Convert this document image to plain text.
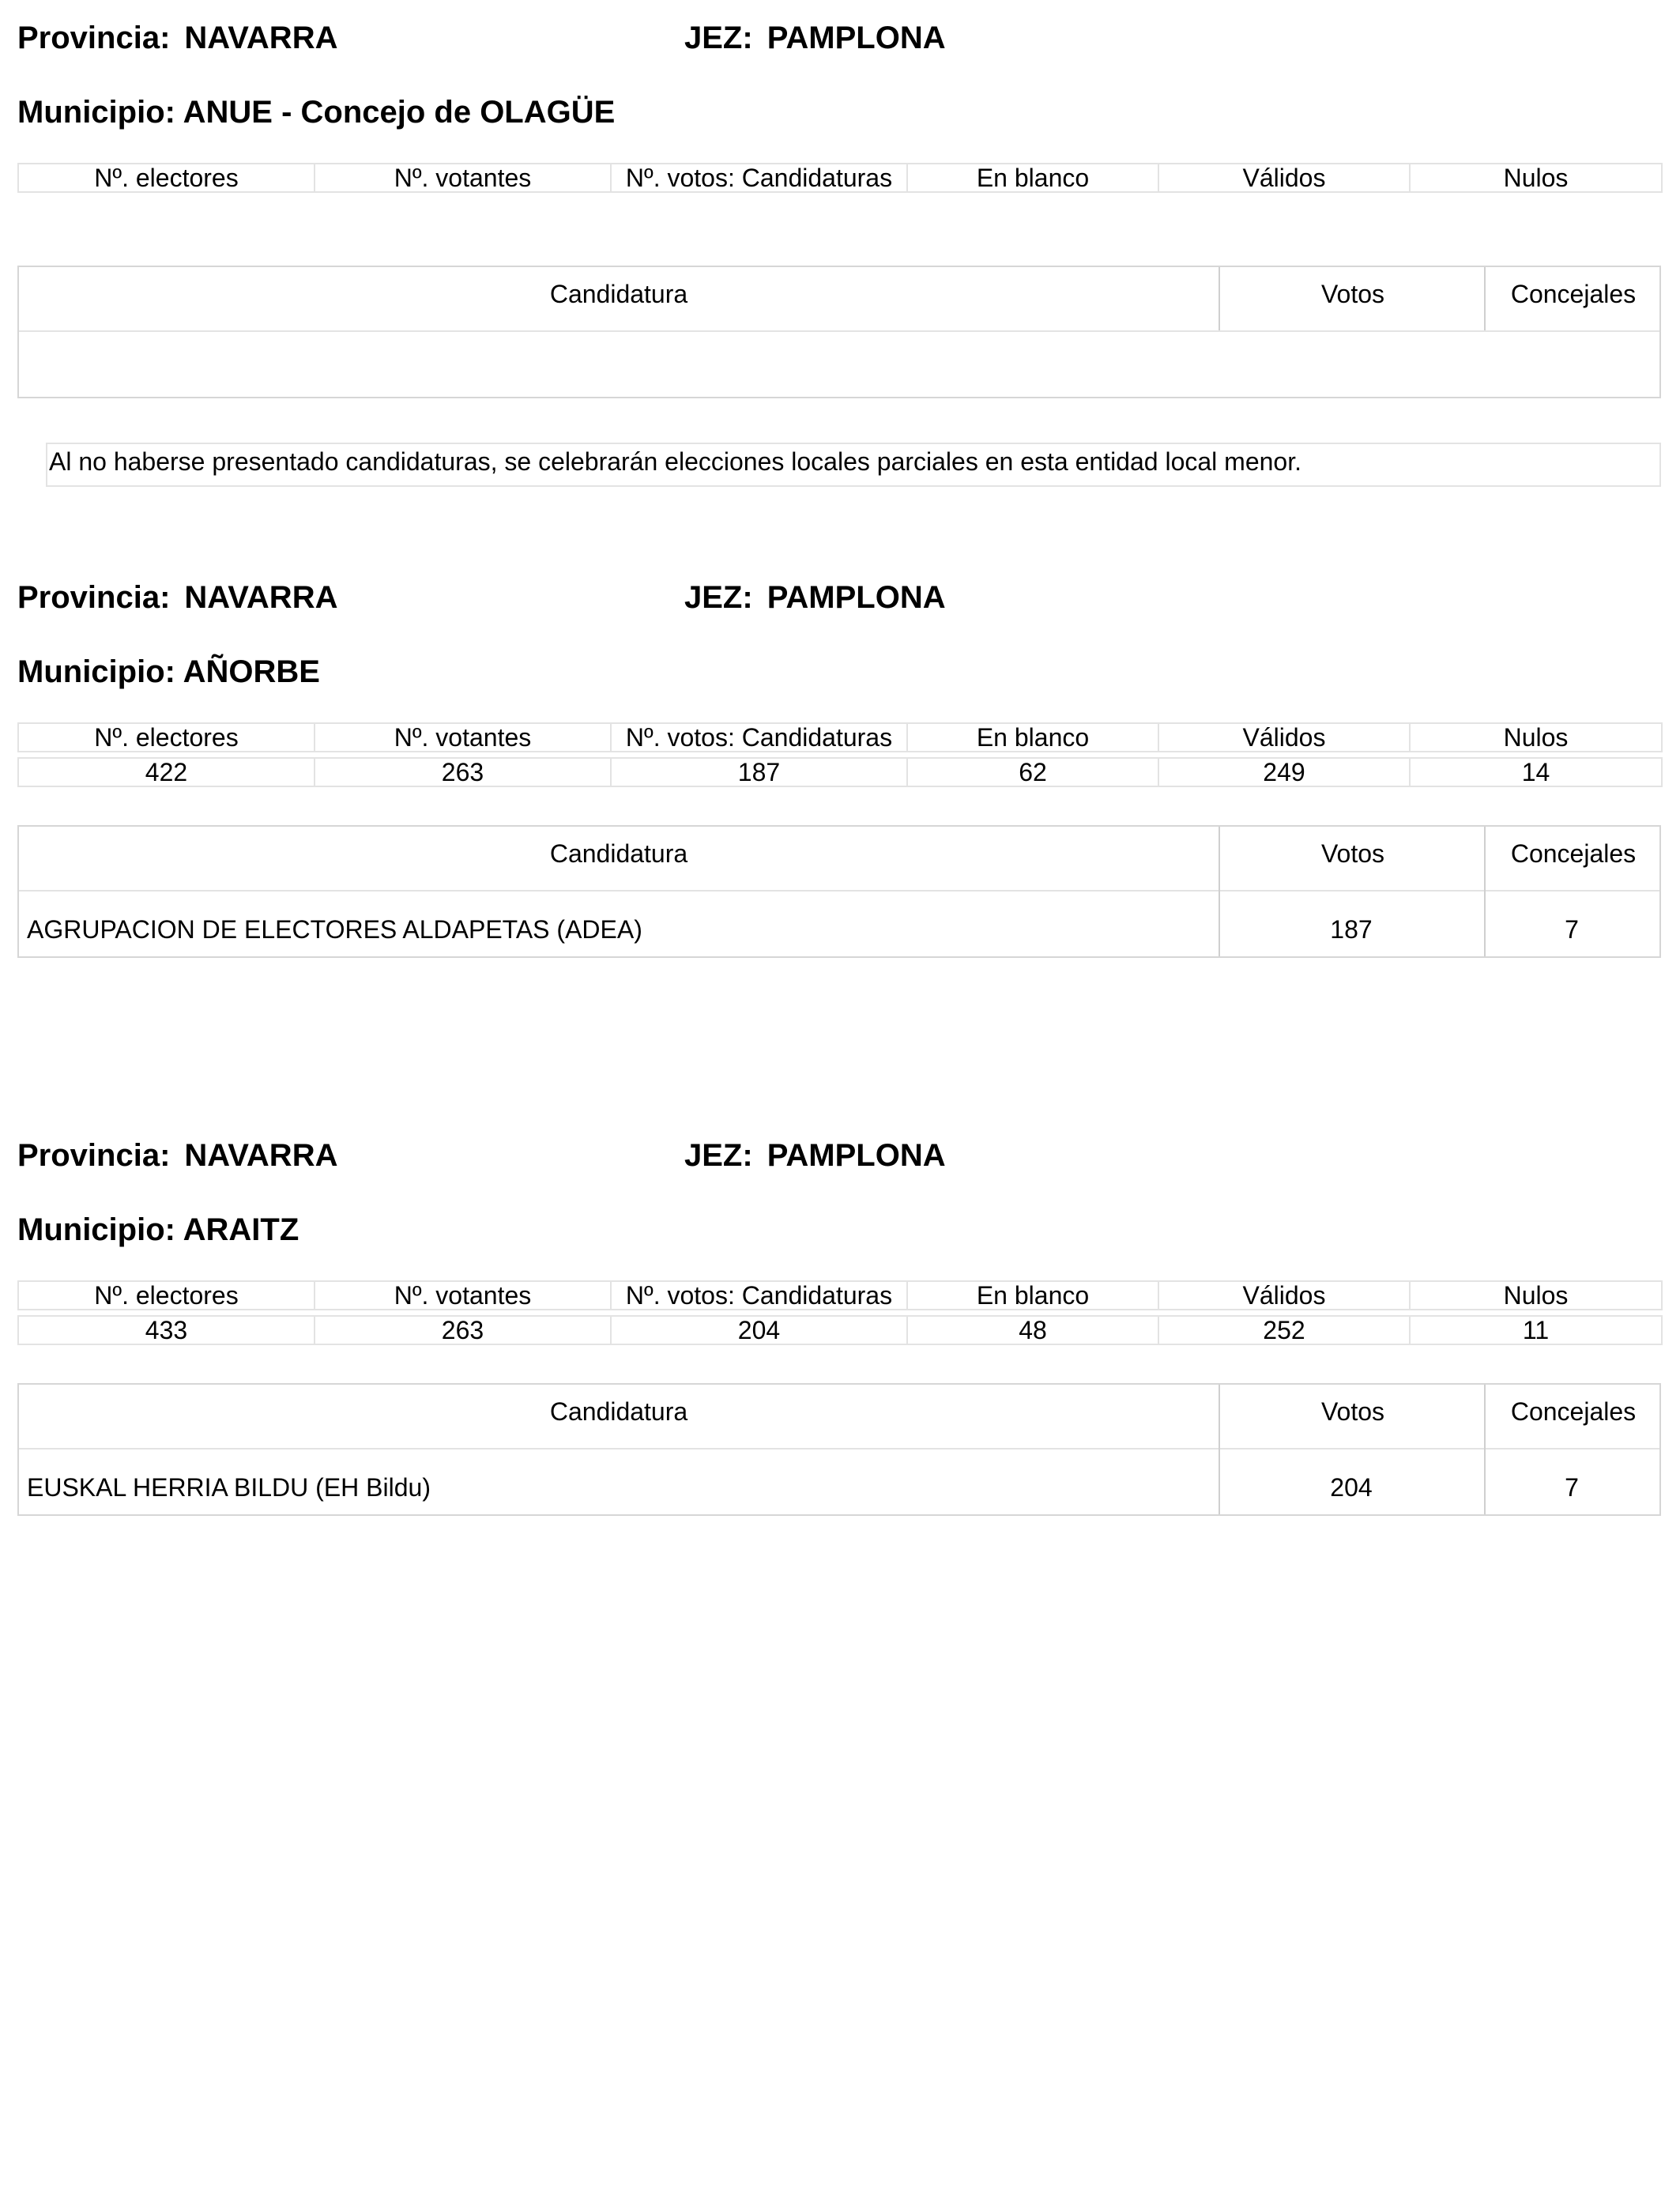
Provincia: NAVARRA	JEZ: PAMPLONA
Municipio: ANUE - Concejo de OLAGÜE
Nº. electores	Nº. votantes	Nº. votos: Candidaturas	En blanco	Válidos	Nulos
Candidatura	Votos	Concejales
Al no haberse presentado candidaturas, se celebrarán elecciones locales parciales en esta entidad local menor.
Provincia: NAVARRA	JEZ: PAMPLONA
Municipio: AÑORBE
Nº. electores	Nº. votantes	Nº. votos: Candidaturas	En blanco	Válidos	Nulos
422	263	187	62	249	14
Candidatura	Votos	Concejales
AGRUPACION DE ELECTORES ALDAPETAS (ADEA)	187	7
Provincia: NAVARRA	JEZ: PAMPLONA
Municipio: ARAITZ
Nº. electores	Nº. votantes	Nº. votos: Candidaturas	En blanco	Válidos	Nulos
433	263	204	48	252	11
Candidatura	Votos	Concejales
EUSKAL HERRIA BILDU (EH Bildu)	204	7
